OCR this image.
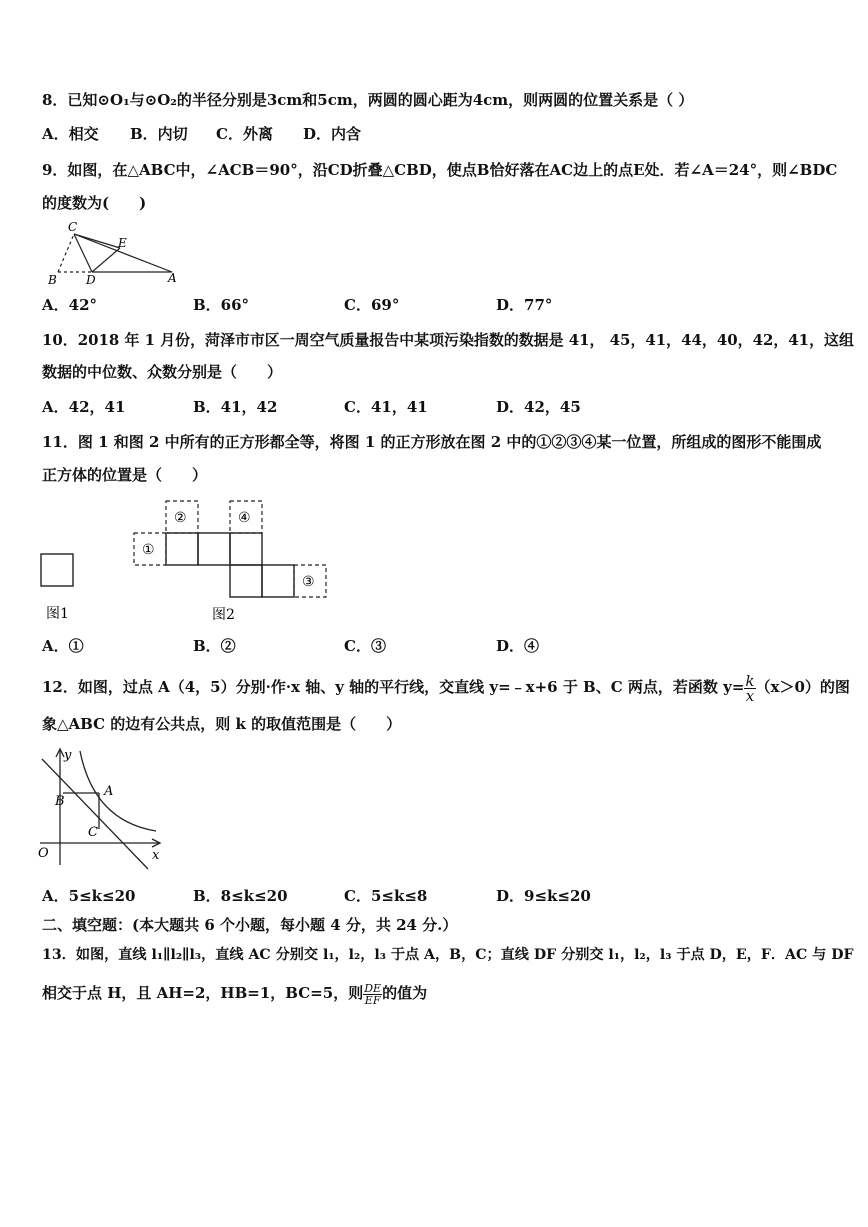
8．已知⊙O₁与⊙O₂的半径分别是3cm和5cm，两圆的圆心距为4cm，则两圆的位置关系是（ ）
A．相交 B．内切 C．外离 D．内含
9．如图，在△ABC中，∠ACB＝90°，沿CD折叠△CBD，使点B恰好落在AC边上的点E处．若∠A＝24°，则∠BDC
的度数为(　　)
C
E
B D	A
A．42°	B．66°	C．69°	D．77°
10．2018 年 1 月份，菏泽市市区一周空气质量报告中某项污染指数的数据是 41， 45，41，44，40，42，41，这组
数据的中位数、众数分别是（　　）
A．42，41	B．41，42	C．41，41	D．42，45
11．图 1 和图 2 中所有的正方形都全等，将图 1 的正方形放在图 2 中的①②③④某一位置，所组成的图形不能围成
正方体的位置是（　　）
图1
①
②
③
④
图2
A．①	B．②	C．③	D．④
12．如图，过点 A（4，5）分别·作·x 轴、y 轴的平行线，交直线 y=﹣x+6 于 B、C 两点，若函数 $y= \frac{k}{x} (x>0)$的图
象△ABC 的边有公共点，则 k 的取值范围是（　　）
y
x
O
A
B
C
A．5≤k≤20	B．8≤k≤20	C．5≤k≤8	D．9≤k≤20
二、填空题：(本大题共 6 个小题，每小题 4 分，共 24 分.）
13．如图，直线 l₁∥l₂∥l₃，直线 AC 分别交 l₁，l₂，l₃ 于点 A，B，C；直线 DF 分别交 l₁，l₂，l₃ 于点 D，E，F．AC 与 DF
相交于点 H，且 AH=2，HB=1，BC=5，则 $\frac{DE}{EF}$ 的值为
